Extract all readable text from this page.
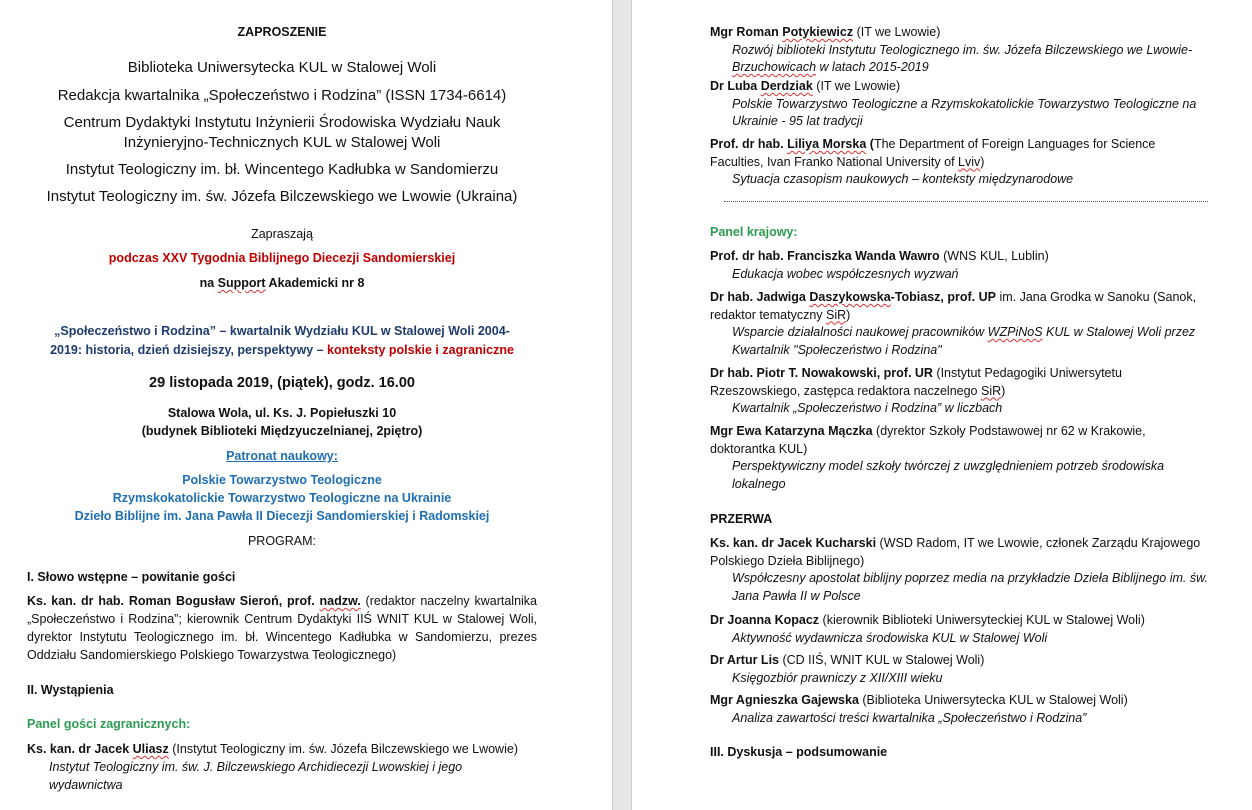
ZAPROSZENIE
Biblioteka Uniwersytecka KUL w Stalowej Woli
Redakcja kwartalnika „Społeczeństwo i Rodzina” (ISSN 1734-6614)
Centrum Dydaktyki Instytutu Inżynierii Środowiska Wydziału Nauk
Inżynieryjno-Technicznych KUL w Stalowej Woli
Instytut Teologiczny im. bł. Wincentego Kadłubka w Sandomierzu
Instytut Teologiczny im. św. Józefa Bilczewskiego we Lwowie (Ukraina)
Zapraszają
podczas XXV Tygodnia Biblijnego Diecezji Sandomierskiej
na Support Akademicki nr 8
„Społeczeństwo i Rodzina” – kwartalnik Wydziału KUL w Stalowej Woli 2004-
2019: historia, dzień dzisiejszy, perspektywy – konteksty polskie i zagraniczne
29 listopada 2019, (piątek), godz. 16.00
Stalowa Wola, ul. Ks. J. Popiełuszki 10
(budynek Biblioteki Międzyuczelnianej, 2piętro)
Patronat naukowy:
Polskie Towarzystwo Teologiczne
Rzymskokatolickie Towarzystwo Teologiczne na Ukrainie
Dzieło Biblijne im. Jana Pawła II Diecezji Sandomierskiej i Radomskiej
PROGRAM:
I. Słowo wstępne – powitanie gości
Ks. kan. dr hab. Roman Bogusław Sieroń, prof. nadzw. (redaktor naczelny kwartalnika „Społeczeństwo i Rodzina”; kierownik Centrum Dydaktyki IIŚ WNIT KUL w Stalowej Woli, dyrektor Instytutu Teologicznego im. bł. Wincentego Kadłubka w Sandomierzu, prezes Oddziału Sandomierskiego Polskiego Towarzystwa Teologicznego)
II. Wystąpienia
Panel gości zagranicznych:
Ks. kan. dr Jacek Uliasz (Instytut Teologiczny im. św. Józefa Bilczewskiego we Lwowie)
Instytut Teologiczny im. św. J. Bilczewskiego Archidiecezji Lwowskiej i jego wydawnictwa
Mgr Roman Potykiewicz (IT we Lwowie)
Rozwój biblioteki Instytutu Teologicznego im. św. Józefa Bilczewskiego we Lwowie-Brzuchowicach w latach 2015-2019
Dr Luba Derdziak (IT we Lwowie)
Polskie Towarzystwo Teologiczne a Rzymskokatolickie Towarzystwo Teologiczne na Ukrainie - 95 lat tradycji
Prof. dr hab. Liliya Morska (The Department of Foreign Languages for Science Faculties, Ivan Franko National University of Lviv)
Sytuacja czasopism naukowych – konteksty międzynarodowe
Panel krajowy:
Prof. dr hab. Franciszka Wanda Wawro (WNS KUL, Lublin)
Edukacja wobec współczesnych wyzwań
Dr hab. Jadwiga Daszykowska-Tobiasz, prof. UP im. Jana Grodka w Sanoku (Sanok, redaktor tematyczny SiR)
Wsparcie działalności naukowej pracowników WZPiNoS KUL w Stalowej Woli przez Kwartalnik "Społeczeństwo i Rodzina"
Dr hab. Piotr T. Nowakowski, prof. UR (Instytut Pedagogiki Uniwersytetu Rzeszowskiego, zastępca redaktora naczelnego SiR)
Kwartalnik „Społeczeństwo i Rodzina” w liczbach
Mgr Ewa Katarzyna Mączka (dyrektor Szkoły Podstawowej nr 62 w Krakowie, doktorantka KUL)
Perspektywiczny model szkoły twórczej z uwzględnieniem potrzeb środowiska lokalnego
PRZERWA
Ks. kan. dr Jacek Kucharski (WSD Radom, IT we Lwowie, członek Zarządu Krajowego Polskiego Dzieła Biblijnego)
Współczesny apostolat biblijny poprzez media na przykładzie Dzieła Biblijnego im. św. Jana Pawła II w Polsce
Dr Joanna Kopacz (kierownik Biblioteki Uniwersyteckiej KUL w Stalowej Woli)
Aktywność wydawnicza środowiska KUL w Stalowej Woli
Dr Artur Lis (CD IIŚ, WNIT KUL w Stalowej Woli)
Księgozbiór prawniczy z XII/XIII wieku
Mgr Agnieszka Gajewska (Biblioteka Uniwersytecka KUL w Stalowej Woli)
Analiza zawartości treści kwartalnika „Społeczeństwo i Rodzina”
III. Dyskusja – podsumowanie
